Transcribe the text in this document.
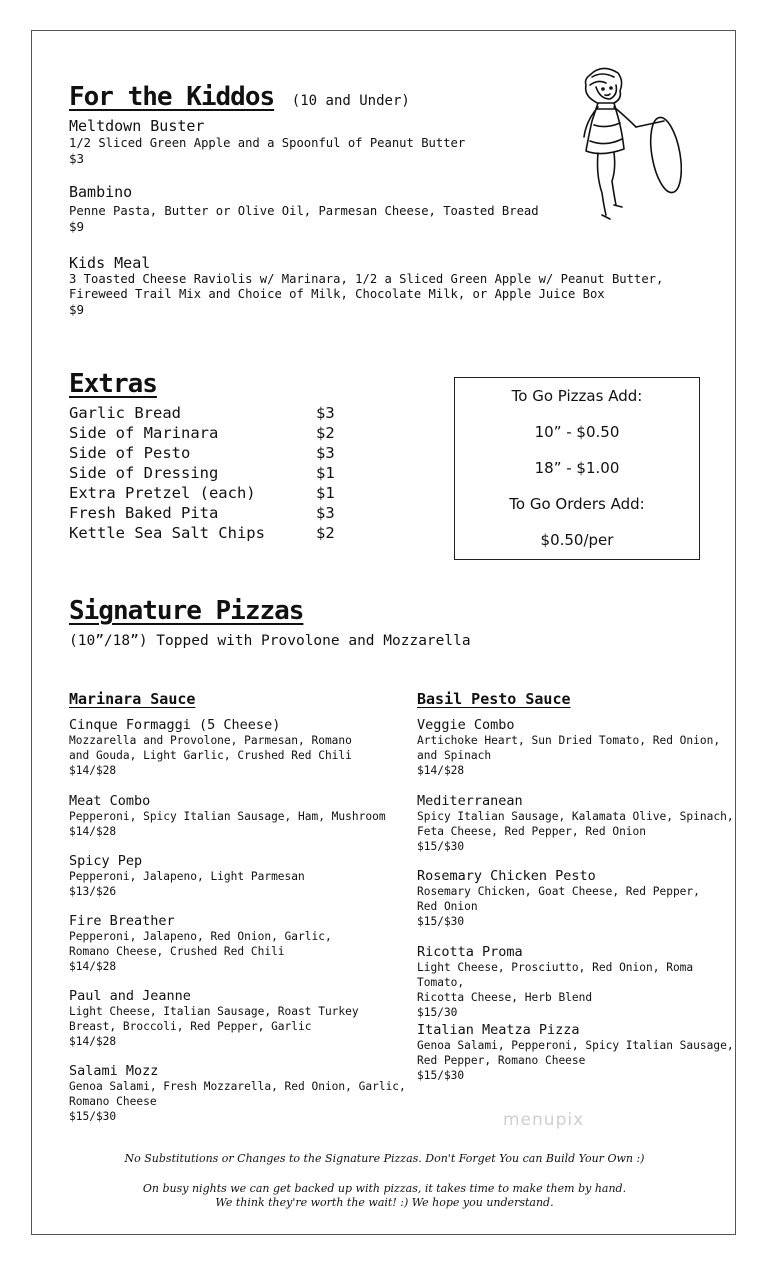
For the Kiddos (10 and Under)
Meltdown Buster
1/2 Sliced Green Apple and a Spoonful of Peanut Butter
$3
Bambino
Penne Pasta, Butter or Olive Oil, Parmesan Cheese, Toasted Bread
$9
Kids Meal
3 Toasted Cheese Raviolis w/ Marinara, 1/2 a Sliced Green Apple w/ Peanut Butter,
Fireweed Trail Mix and Choice of Milk, Chocolate Milk, or Apple Juice Box
$9
Extras
Garlic Bread	$3
Side of Marinara	$2
Side of Pesto	$3
Side of Dressing	$1
Extra Pretzel (each)	$1
Fresh Baked Pita	$3
Kettle Sea Salt Chips	$2
To Go Pizzas Add:
10” - $0.50
18” - $1.00
To Go Orders Add:
$0.50/per
Signature Pizzas
(10”/18”) Topped with Provolone and Mozzarella
Marinara Sauce
Cinque Formaggi (5 Cheese)
Mozzarella and Provolone, Parmesan, Romano
and Gouda, Light Garlic, Crushed Red Chili
$14/$28
Meat Combo
Pepperoni, Spicy Italian Sausage, Ham, Mushroom
$14/$28
Spicy Pep
Pepperoni, Jalapeno, Light Parmesan
$13/$26
Fire Breather
Pepperoni, Jalapeno, Red Onion, Garlic,
Romano Cheese, Crushed Red Chili
$14/$28
Paul and Jeanne
Light Cheese, Italian Sausage, Roast Turkey
Breast, Broccoli, Red Pepper, Garlic
$14/$28
Salami Mozz
Genoa Salami, Fresh Mozzarella, Red Onion, Garlic,
Romano Cheese
$15/$30
Basil Pesto Sauce
Veggie Combo
Artichoke Heart, Sun Dried Tomato, Red Onion,
and Spinach
$14/$28
Mediterranean
Spicy Italian Sausage, Kalamata Olive, Spinach,
Feta Cheese, Red Pepper, Red Onion
$15/$30
Rosemary Chicken Pesto
Rosemary Chicken, Goat Cheese, Red Pepper,
Red Onion
$15/$30
Ricotta Proma
Light Cheese, Prosciutto, Red Onion, Roma Tomato,
Ricotta Cheese, Herb Blend
$15/30
Italian Meatza Pizza
Genoa Salami, Pepperoni, Spicy Italian Sausage,
Red Pepper, Romano Cheese
$15/$30
No Substitutions or Changes to the Signature Pizzas. Don't Forget You can Build Your Own :)
On busy nights we can get backed up with pizzas, it takes time to make them by hand.
We think they're worth the wait! :) We hope you understand.
menupix
